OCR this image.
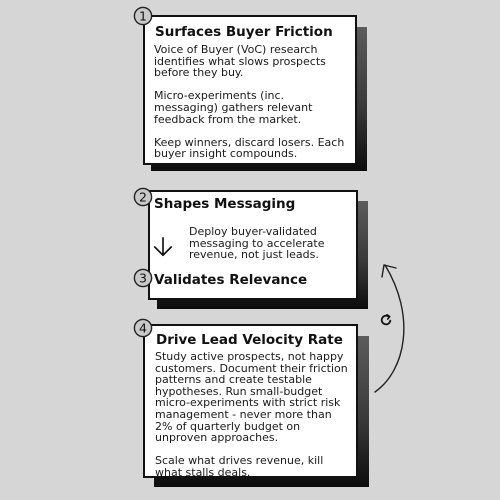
Surfaces Buyer Friction

Voice of Buyer (VoC) research identifies what slows prospects before they buy.

Micro-experiments (inc. messaging) gathers relevant feedback from the market.

Keep winners, discard losers. Each buyer insight compounds.

1
Shapes Messaging
Deploy buyer-validated messaging to accelerate revenue, not just leads.
Validates Relevance
2
3
Drive Lead Velocity Rate

Study active prospects, not happy customers. Document their friction patterns and create testable hypotheses. Run small-budget micro-experiments with strict risk management - never more than 2% of quarterly budget on unproven approaches.

Scale what drives revenue, kill what stalls deals.

4
